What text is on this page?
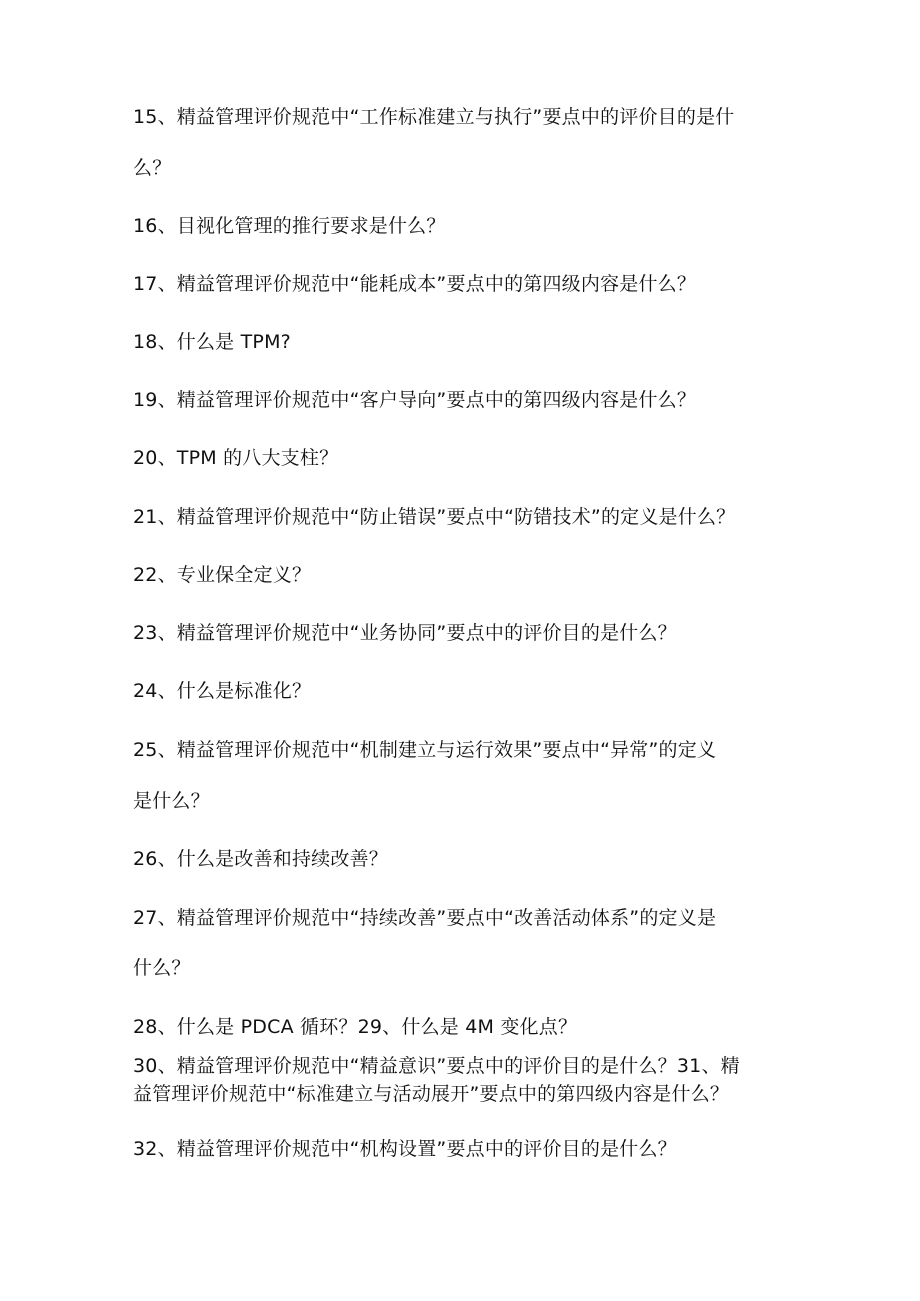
15、精益管理评价规范中“工作标准建立与执行”要点中的评价目的是什
么？
16、目视化管理的推行要求是什么？
17、精益管理评价规范中“能耗成本”要点中的第四级内容是什么？
18、什么是 TPM?
19、精益管理评价规范中“客户导向”要点中的第四级内容是什么？
20、TPM 的八大支柱？
21、精益管理评价规范中“防止错误”要点中“防错技术”的定义是什么？
22、专业保全定义？
23、精益管理评价规范中“业务协同”要点中的评价目的是什么？
24、什么是标准化？
25、精益管理评价规范中“机制建立与运行效果”要点中“异常”的定义
是什么？
26、什么是改善和持续改善？
27、精益管理评价规范中“持续改善”要点中“改善活动体系”的定义是
什么？
28、什么是 PDCA 循环？29、什么是 4M 变化点？
30、精益管理评价规范中“精益意识”要点中的评价目的是什么？31、精
益管理评价规范中“标准建立与活动展开”要点中的第四级内容是什么？
32、精益管理评价规范中“机构设置”要点中的评价目的是什么？
